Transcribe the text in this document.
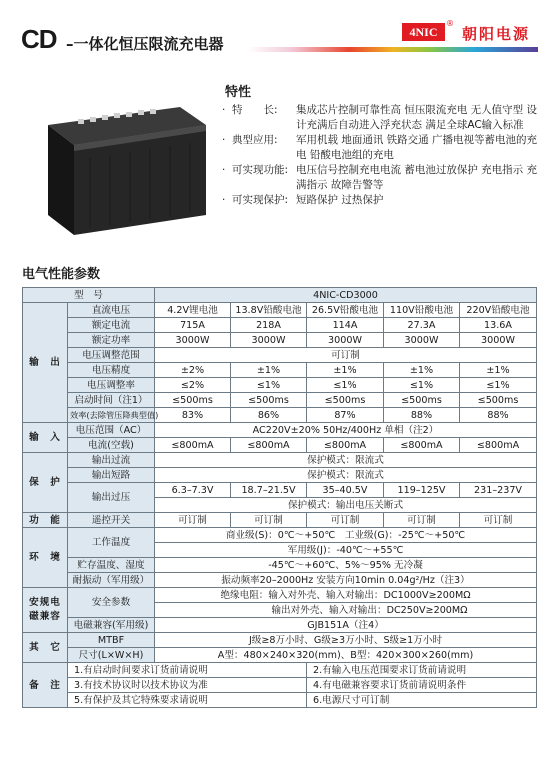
CD –一体化恒压限流充电器
4NIC
®
朝阳电源
特性
· 特　　长:	集成芯片控制可靠性高 恒压限流充电 无人值守型 设计充满后自动进入浮充状态 满足全球AC输入标准
· 典型应用:	军用机载 地面通讯 铁路交通 广播电视等蓄电池的充电 铅酸电池组的充电
· 可实现功能: 电压信号控制充电电流 蓄电池过放保护 充电指示 充满指示 故障告警等
· 可实现保护: 短路保护 过热保护
电气性能参数
型　号		4NIC-CD3000				
输　出	直流电压	4.2V锂电池	13.8V铅酸电池	26.5V铅酸电池	110V铅酸电池	220V铅酸电池
	额定电流	715A	218A	114A	27.3A	13.6A
	额定功率	3000W	3000W	3000W	3000W	3000W
	电压调整范围	可订制				
	电压精度	±2%	±1%	±1%	±1%	±1%
	电压调整率	≤2%	≤1%	≤1%	≤1%	≤1%
	启动时间（注1）	≤500ms	≤500ms	≤500ms	≤500ms	≤500ms
	效率(去除管压降典型值)	83%	86%	87%	88%	88%
输　入	电压范围（AC）	AC220V±20% 50Hz/400Hz 单相（注2）				
	电流(空载)	≤800mA	≤800mA	≤800mA	≤800mA	≤800mA
保　护	输出过流	保护模式：限流式				
	输出短路	保护模式：限流式				
	输出过压	6.3–7.3V	18.7–21.5V	35–40.5V	119–125V	231–237V
		保护模式：输出电压关断式				
功　能	遥控开关	可订制	可订制	可订制	可订制	可订制
环　境	工作温度	商业级(S)：0℃～+50℃　工业级(G)：-25℃～+50℃				
		军用级(J)：-40℃～+55℃				
	贮存温度、湿度	-45℃～+60℃、5%～95% 无冷凝				
	耐振动（军用级）	振动频率20–2000Hz 安装方向10min 0.04g²/Hz（注3）				

安规电
磁兼容	安全参数	绝缘电阻：输入对外壳、输入对输出：DC1000V≥200MΩ				
		　　　　　输出对外壳、输入对输出：DC250V≥200MΩ				
	电磁兼容(军用级)	GJB151A（注4）				
其　它	MTBF	J级≥8万小时、G级≥3万小时、S级≥1万小时				
	尺寸(L×W×H)	A型：480×240×320(mm)、B型：420×300×260(mm)				
备　注	1.有启动时间要求订货前请说明			2.有输入电压范围要求订货前请说明		
	3.有技术协议时以技术协议为准			4.有电磁兼容要求订货前请说明条件		
	5.有保护及其它特殊要求请说明			6.电源尺寸可订制		
